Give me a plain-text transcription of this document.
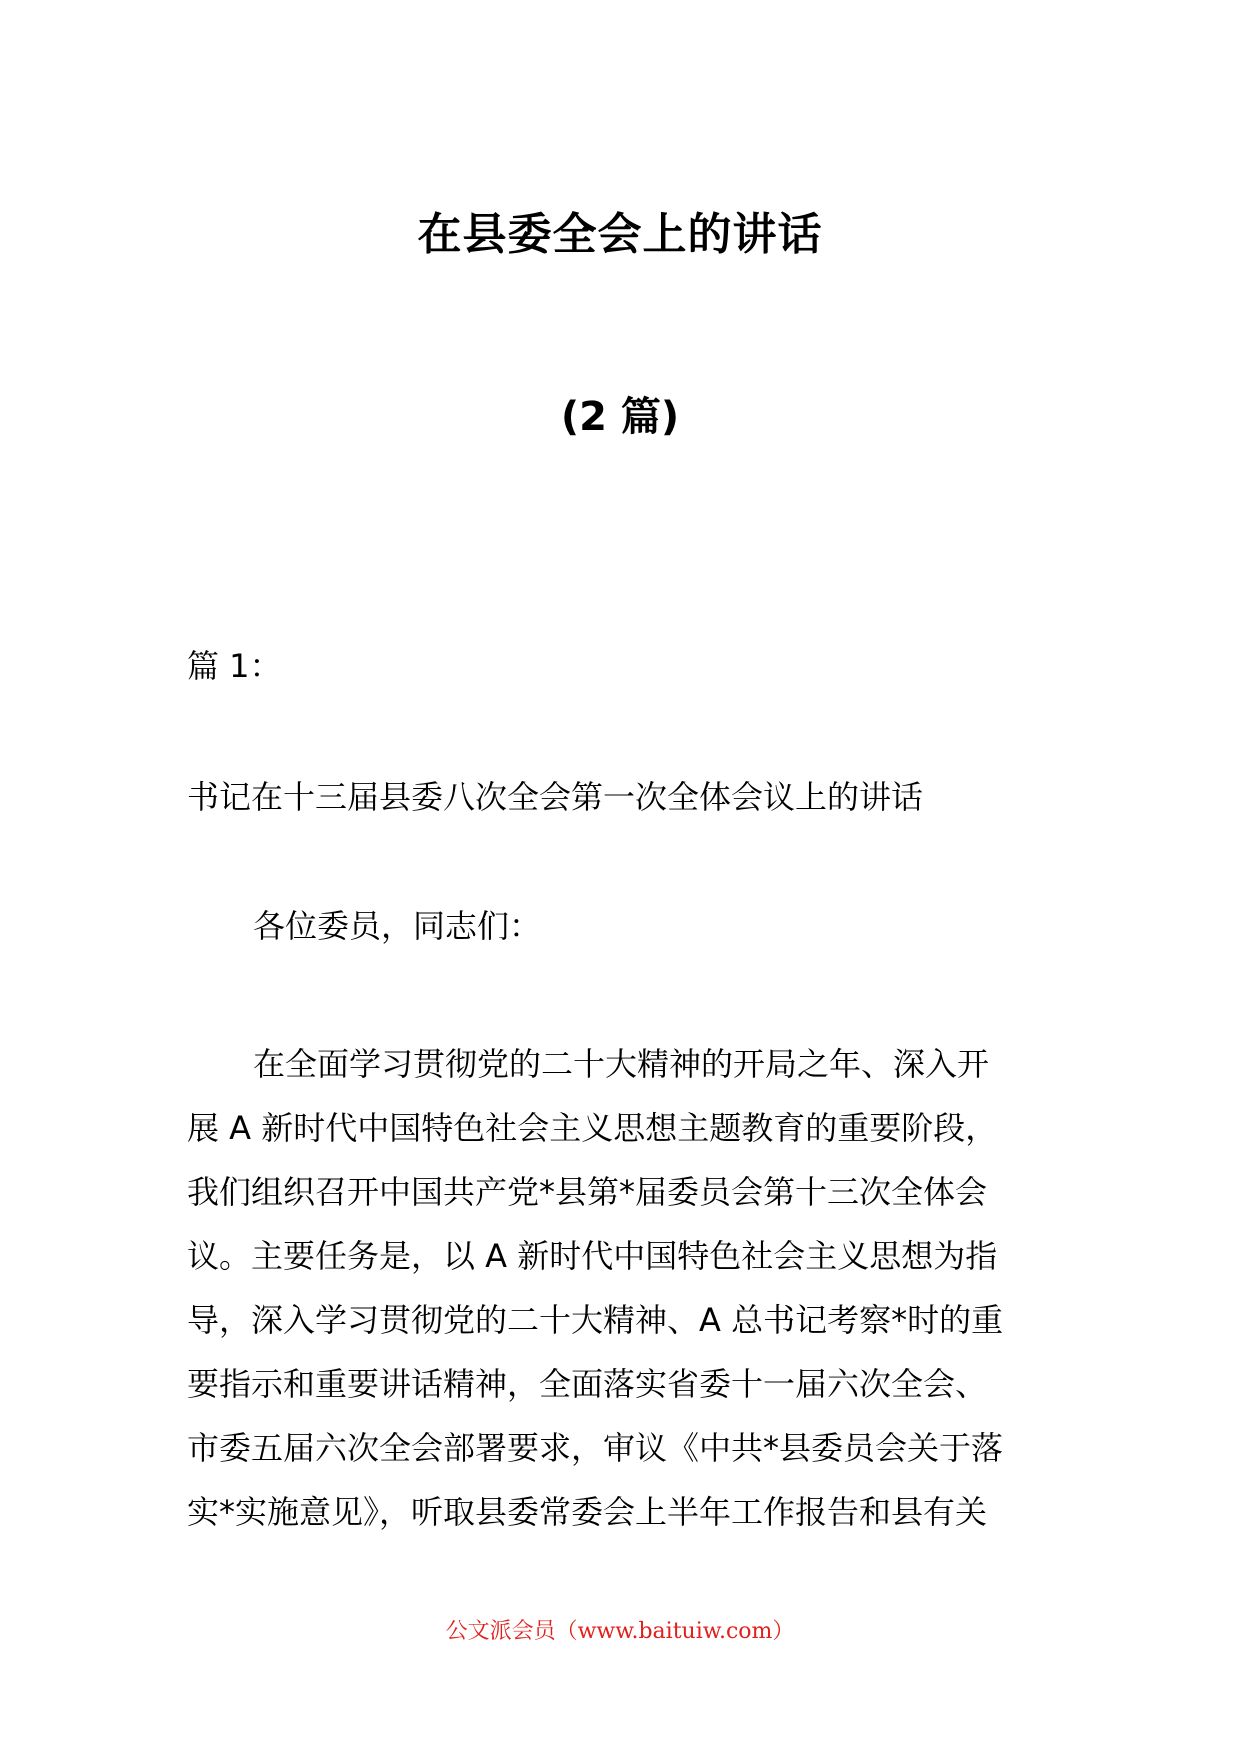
在县委全会上的讲话
(2 篇)
篇 1：
书记在十三届县委八次全会第一次全体会议上的讲话
各位委员，同志们：
在全面学习贯彻党的二十大精神的开局之年、深入开
展 A 新时代中国特色社会主义思想主题教育的重要阶段，
我们组织召开中国共产党*县第*届委员会第十三次全体会
议。主要任务是，以 A 新时代中国特色社会主义思想为指
导，深入学习贯彻党的二十大精神、A 总书记考察*时的重
要指示和重要讲话精神，全面落实省委十一届六次全会、
市委五届六次全会部署要求，审议《中共*县委员会关于落
实*实施意见》，听取县委常委会上半年工作报告和县有关
公文派会员（www.baituiw.com）
